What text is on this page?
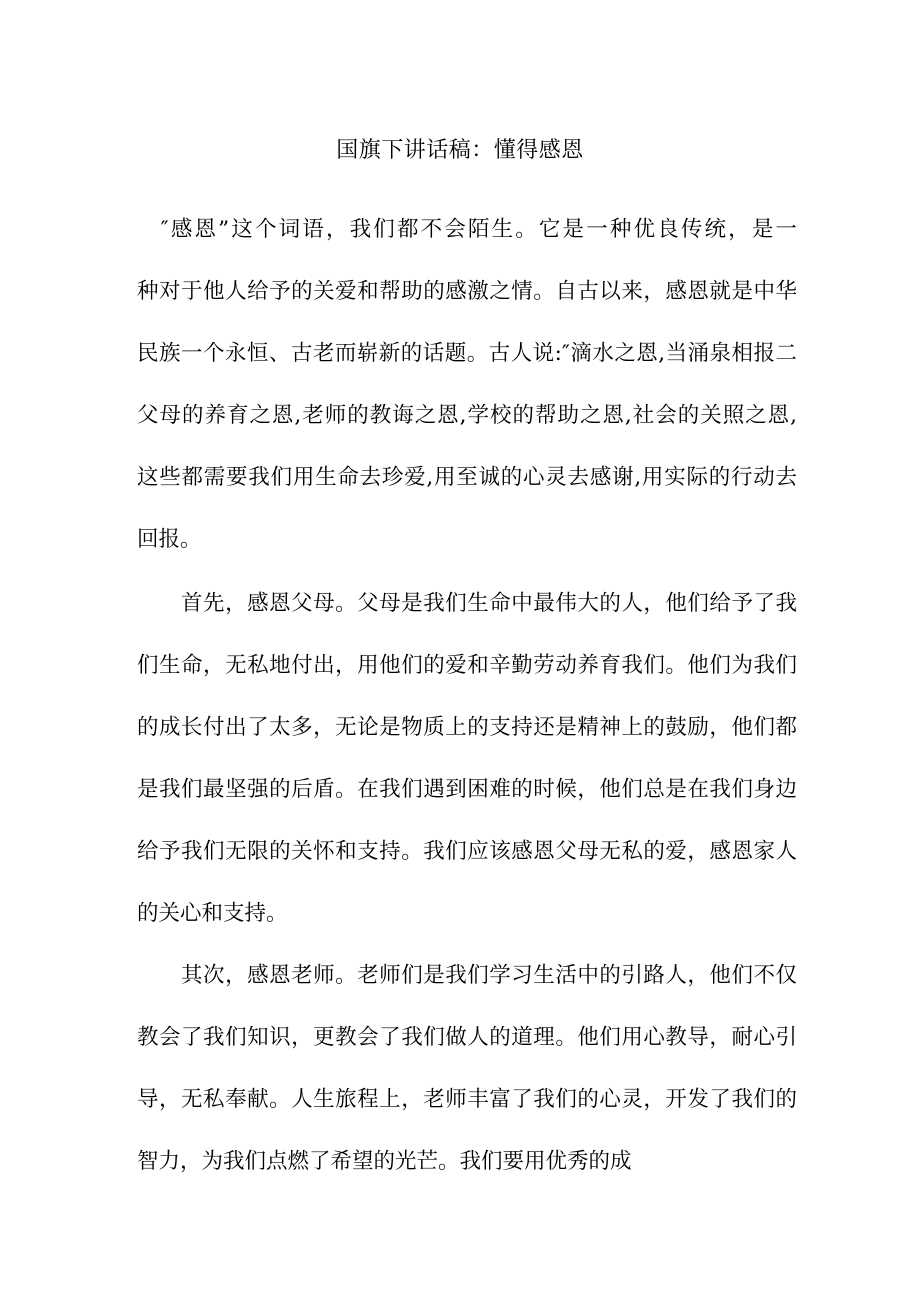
国旗下讲话稿：懂得感恩
　″感恩”这个词语，我们都不会陌生。它是一种优良传统，是一
种对于他人给予的关爱和帮助的感激之情。自古以来，感恩就是中华
民族一个永恒、古老而崭新的话题。古人说:″滴水之恩,当涌泉相报二
父母的养育之恩,老师的教诲之恩,学校的帮助之恩,社会的关照之恩,
这些都需要我们用生命去珍爱,用至诚的心灵去感谢,用实际的行动去
回报。
　　首先，感恩父母。父母是我们生命中最伟大的人，他们给予了我
们生命，无私地付出，用他们的爱和辛勤劳动养育我们。他们为我们
的成长付出了太多，无论是物质上的支持还是精神上的鼓励，他们都
是我们最坚强的后盾。在我们遇到困难的时候，他们总是在我们身边
给予我们无限的关怀和支持。我们应该感恩父母无私的爱，感恩家人
的关心和支持。
　　其次，感恩老师。老师们是我们学习生活中的引路人，他们不仅
教会了我们知识，更教会了我们做人的道理。他们用心教导，耐心引
导，无私奉献。人生旅程上，老师丰富了我们的心灵，开发了我们的
智力，为我们点燃了希望的光芒。我们要用优秀的成
